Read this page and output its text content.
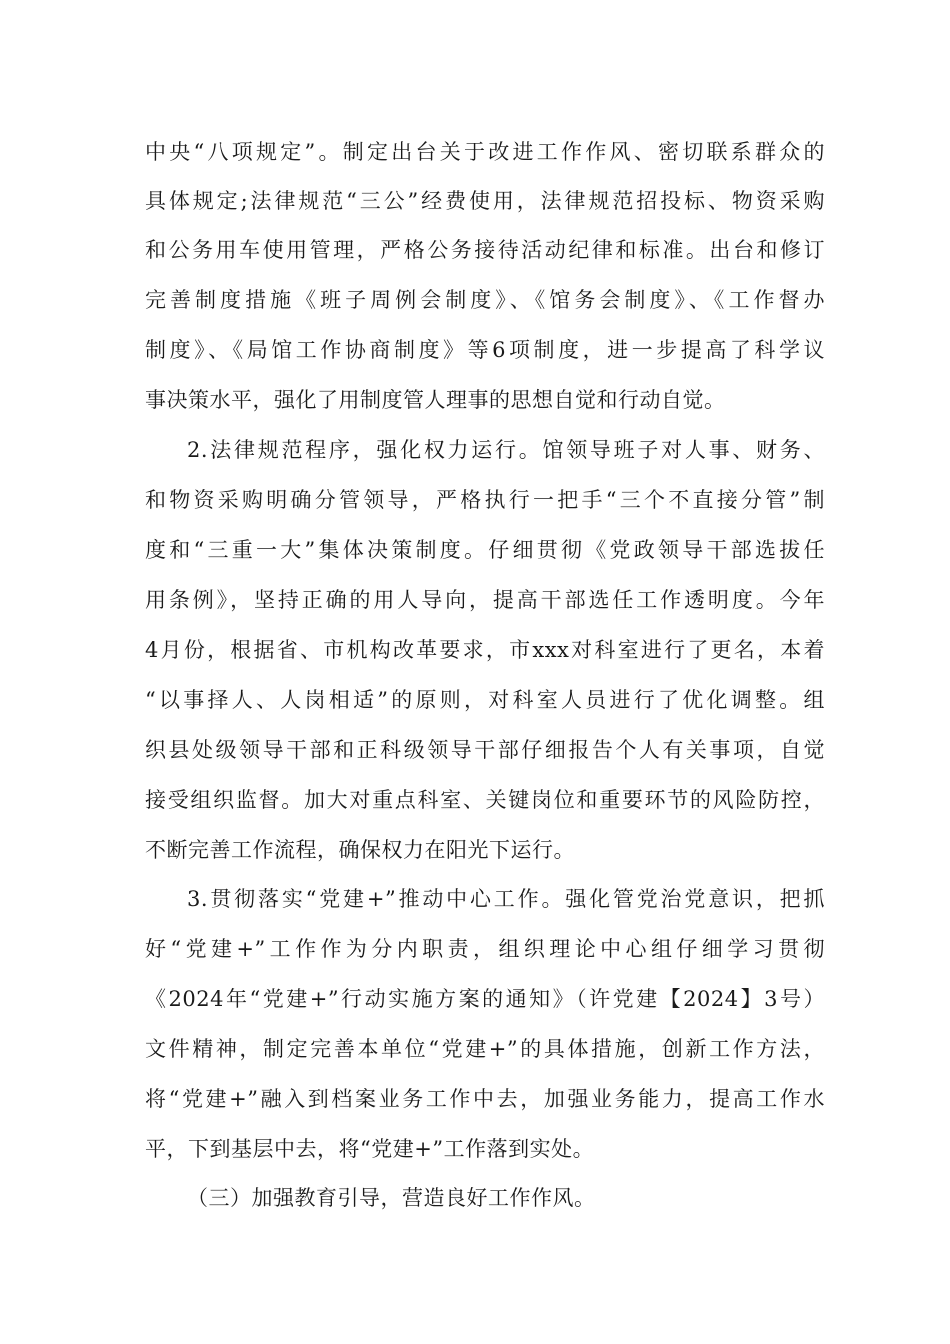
中央“八项规定”。制定出台关于改进工作作风、密切联系群众的
具体规定;法律规范“三公”经费使用，法律规范招投标、物资采购
和公务用车使用管理，严格公务接待活动纪律和标准。出台和修订
完善制度措施《班子周例会制度》、《馆务会制度》、《工作督办
制度》、《局馆工作协商制度》等6项制度，进一步提高了科学议
事决策水平，强化了用制度管人理事的思想自觉和行动自觉。
2.法律规范程序，强化权力运行。馆领导班子对人事、财务、
和物资采购明确分管领导，严格执行一把手“三个不直接分管”制
度和“三重一大”集体决策制度。仔细贯彻《党政领导干部选拔任
用条例》，坚持正确的用人导向，提高干部选任工作透明度。今年
4月份，根据省、市机构改革要求，市xxx对科室进行了更名，本着
“以事择人、人岗相适”的原则，对科室人员进行了优化调整。组
织县处级领导干部和正科级领导干部仔细报告个人有关事项，自觉
接受组织监督。加大对重点科室、关键岗位和重要环节的风险防控，
不断完善工作流程，确保权力在阳光下运行。
3.贯彻落实“党建+”推动中心工作。强化管党治党意识，把抓
好“党建+”工作作为分内职责，组织理论中心组仔细学习贯彻
《2024年“党建+”行动实施方案的通知》（许党建【2024】3号）
文件精神，制定完善本单位“党建+”的具体措施，创新工作方法，
将“党建+”融入到档案业务工作中去，加强业务能力，提高工作水
平，下到基层中去，将“党建+”工作落到实处。
（三）加强教育引导，营造良好工作作风。
